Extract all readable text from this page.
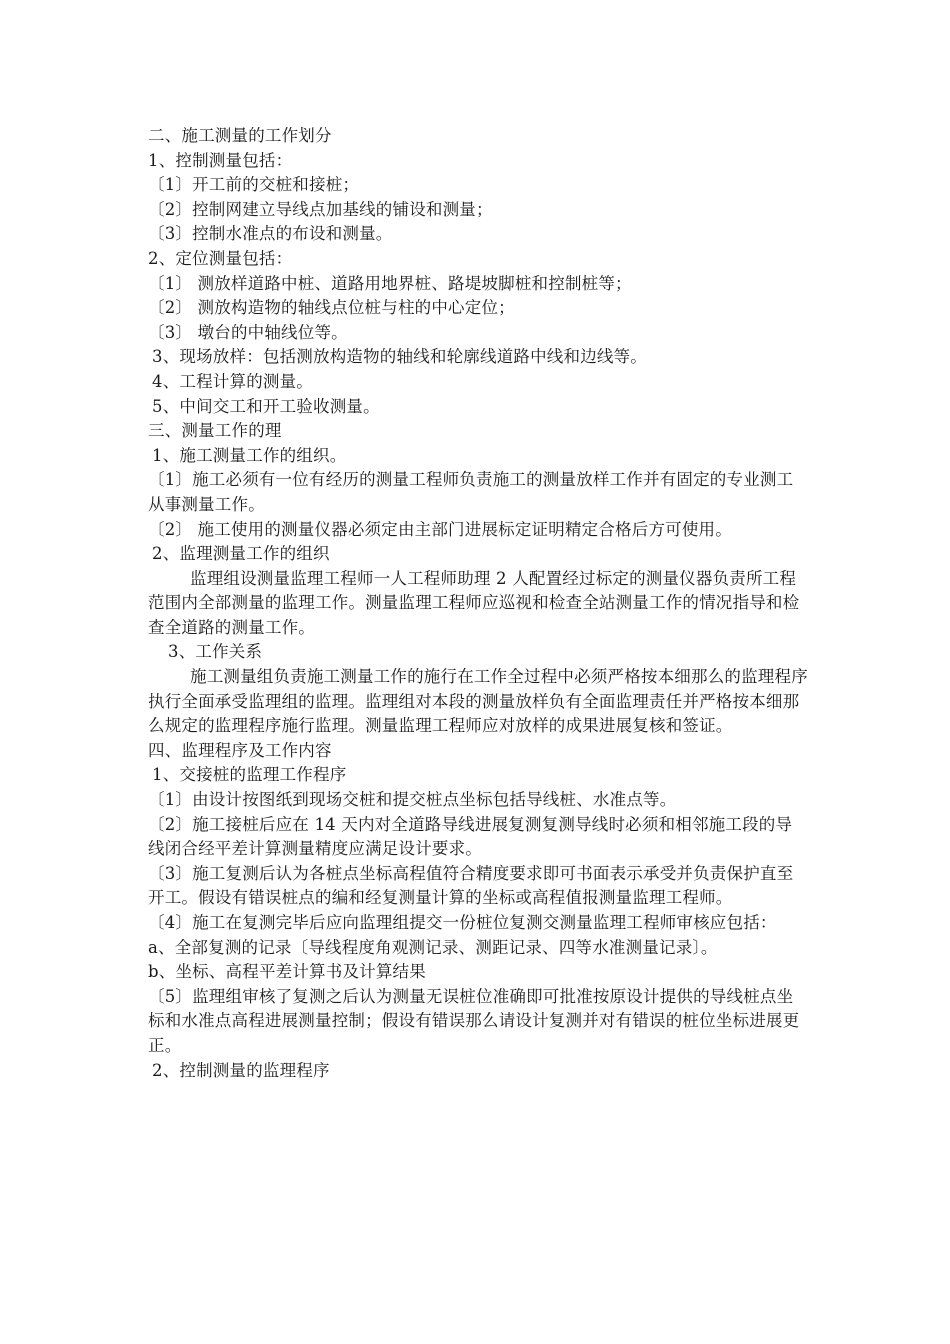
二、施工测量的工作划分

1、控制测量包括：

〔1〕开工前的交桩和接桩；

〔2〕控制网建立导线点加基线的铺设和测量；

〔3〕控制水准点的布设和测量。

2、定位测量包括：

〔1〕 测放样道路中桩、道路用地界桩、路堤坡脚桩和控制桩等；

〔2〕 测放构造物的轴线点位桩与柱的中心定位；

〔3〕 墩台的中轴线位等。

3、现场放样：包括测放构造物的轴线和轮廓线道路中线和边线等。

4、工程计算的测量。

5、中间交工和开工验收测量。

三、测量工作的理

1、施工测量工作的组织。

〔1〕施工必须有一位有经历的测量工程师负责施工的测量放样工作并有固定的专业测工从事测量工作。

〔2〕 施工使用的测量仪器必须定由主部门进展标定证明精定合格后方可使用。

2、监理测量工作的组织

监理组设测量监理工程师一人工程师助理 2 人配置经过标定的测量仪器负责所工程范围内全部测量的监理工作。测量监理工程师应巡视和检查全站测量工作的情况指导和检查全道路的测量工作。

3、工作关系

施工测量组负责施工测量工作的施行在工作全过程中必须严格按本细那么的监理程序执行全面承受监理组的监理。监理组对本段的测量放样负有全面监理责任并严格按本细那么规定的监理程序施行监理。测量监理工程师应对放样的成果进展复核和签证。

四、监理程序及工作内容

1、交接桩的监理工作程序

〔1〕由设计按图纸到现场交桩和提交桩点坐标包括导线桩、水准点等。

〔2〕施工接桩后应在 14 天内对全道路导线进展复测复测导线时必须和相邻施工段的导线闭合经平差计算测量精度应满足设计要求。

〔3〕施工复测后认为各桩点坐标高程值符合精度要求即可书面表示承受并负责保护直至开工。假设有错误桩点的编和经复测量计算的坐标或高程值报测量监理工程师。

〔4〕施工在复测完毕后应向监理组提交一份桩位复测交测量监理工程师审核应包括：

a、全部复测的记录〔导线程度角观测记录、测距记录、四等水准测量记录〕。

b、坐标、高程平差计算书及计算结果

〔5〕监理组审核了复测之后认为测量无误桩位准确即可批准按原设计提供的导线桩点坐标和水准点高程进展测量控制；假设有错误那么请设计复测并对有错误的桩位坐标进展更正。

2、控制测量的监理程序
